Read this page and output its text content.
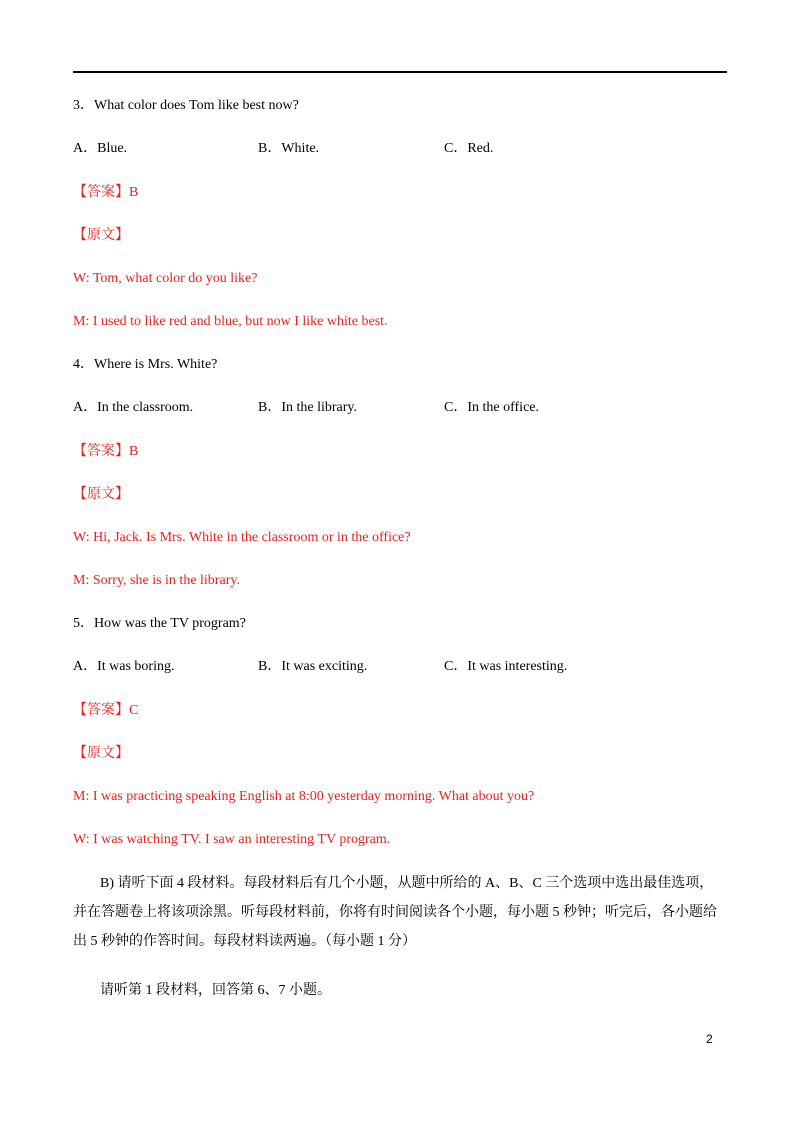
3．What color does Tom like best now?
A．Blue.	B．White.	C．Red.
【答案】B
【原文】
W: Tom, what color do you like?
M: I used to like red and blue, but now I like white best.
4．Where is Mrs. White?
A．In the classroom.	B．In the library.	C．In the office.
【答案】B
【原文】
W: Hi, Jack. Is Mrs. White in the classroom or in the office?
M: Sorry, she is in the library.
5．How was the TV program?
A．It was boring.	B．It was exciting.	C．It was interesting.
【答案】C
【原文】
M: I was practicing speaking English at 8:00 yesterday morning. What about you?
W: I was watching TV. I saw an interesting TV program.
B) 请听下面 4 段材料。每段材料后有几个小题，从题中所给的 A、B、C 三个选项中选出最佳选项，并在答题卷上将该项涂黑。听每段材料前，你将有时间阅读各个小题，每小题 5 秒钟；听完后，各小题给出 5 秒钟的作答时间。每段材料读两遍。（每小题 1 分）
请听第 1 段材料，回答第 6、7 小题。
2
